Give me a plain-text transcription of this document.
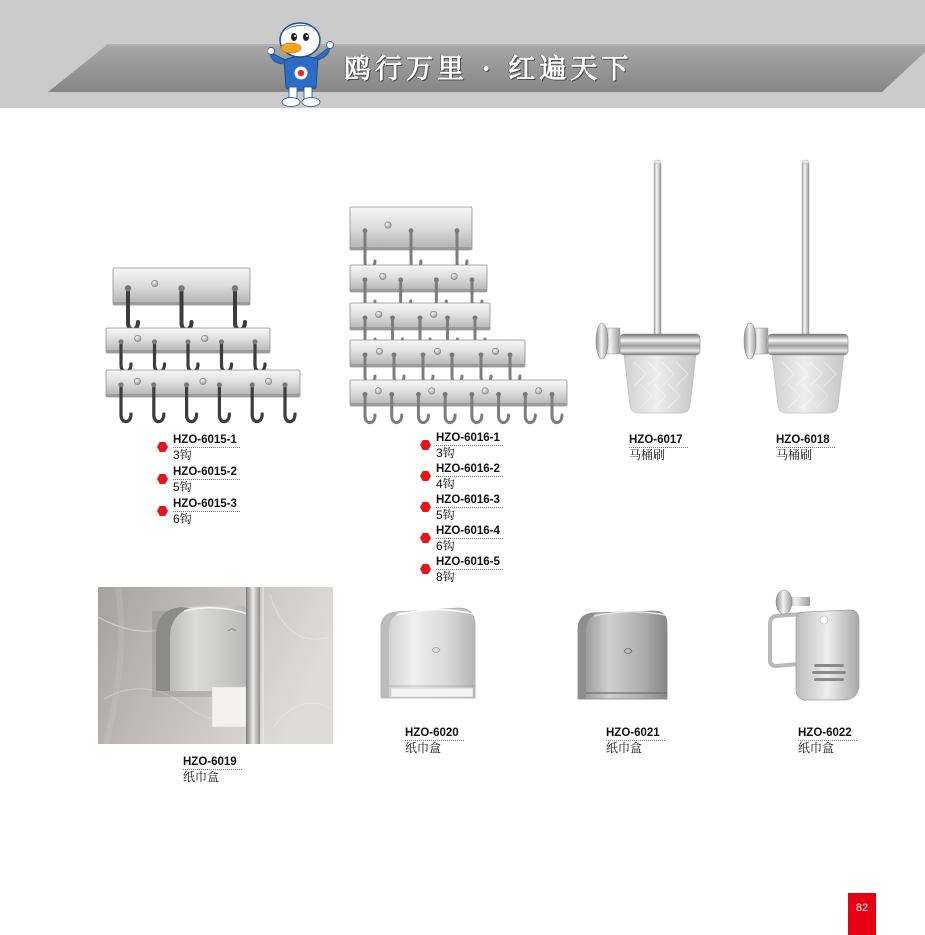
鸥行万里 · 红遍天下
HZO-6015-1
3钩
HZO-6015-2
5钩
HZO-6015-3
6钩
HZO-6016-1
3钩
HZO-6016-2
4钩
HZO-6016-3
5钩
HZO-6016-4
6钩
HZO-6016-5
8钩
HZO-6017
马桶刷
HZO-6018
马桶刷
HZO-6019
纸巾盒
HZO-6020
纸巾盒
HZO-6021
纸巾盒
HZO-6022
纸巾盒
82
